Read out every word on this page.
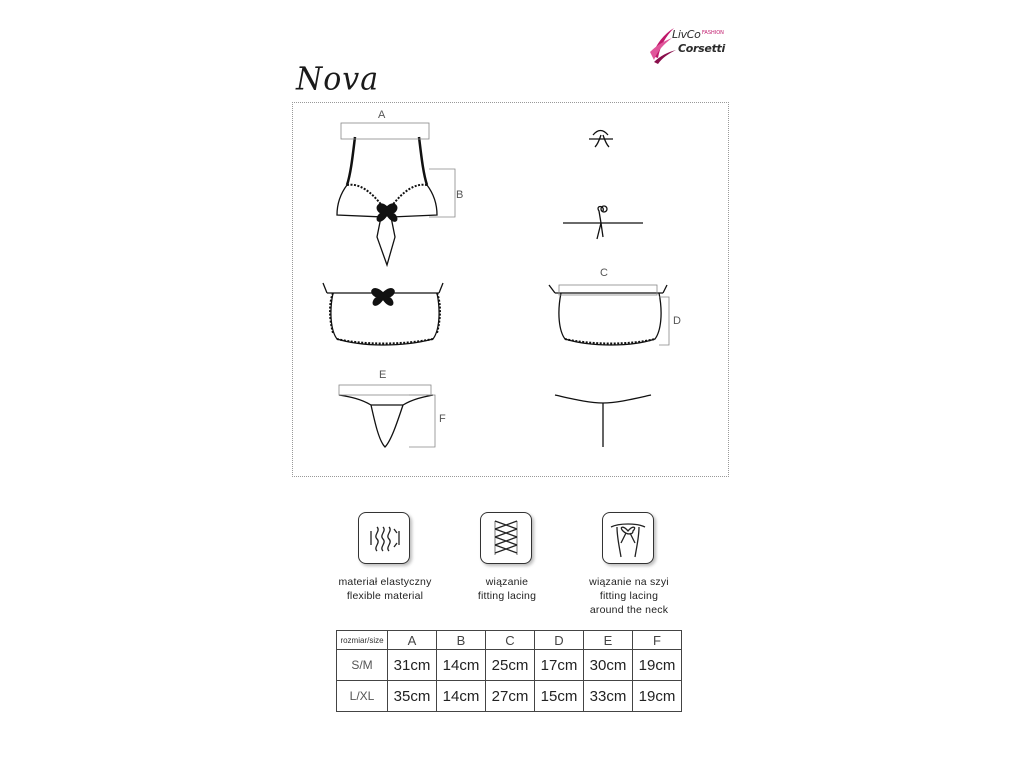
LivCo FASHION
Corsetti
Nova
A
B
C
D
E
F
materiał elastyczny
flexible material
wiązanie
fitting lacing
wiązanie na szyi
fitting lacing
around the neck
rozmiar/size	A	B	C	D	E	F
S/M	31cm	14cm	25cm	17cm	30cm	19cm
L/XL	35cm	14cm	27cm	15cm	33cm	19cm
